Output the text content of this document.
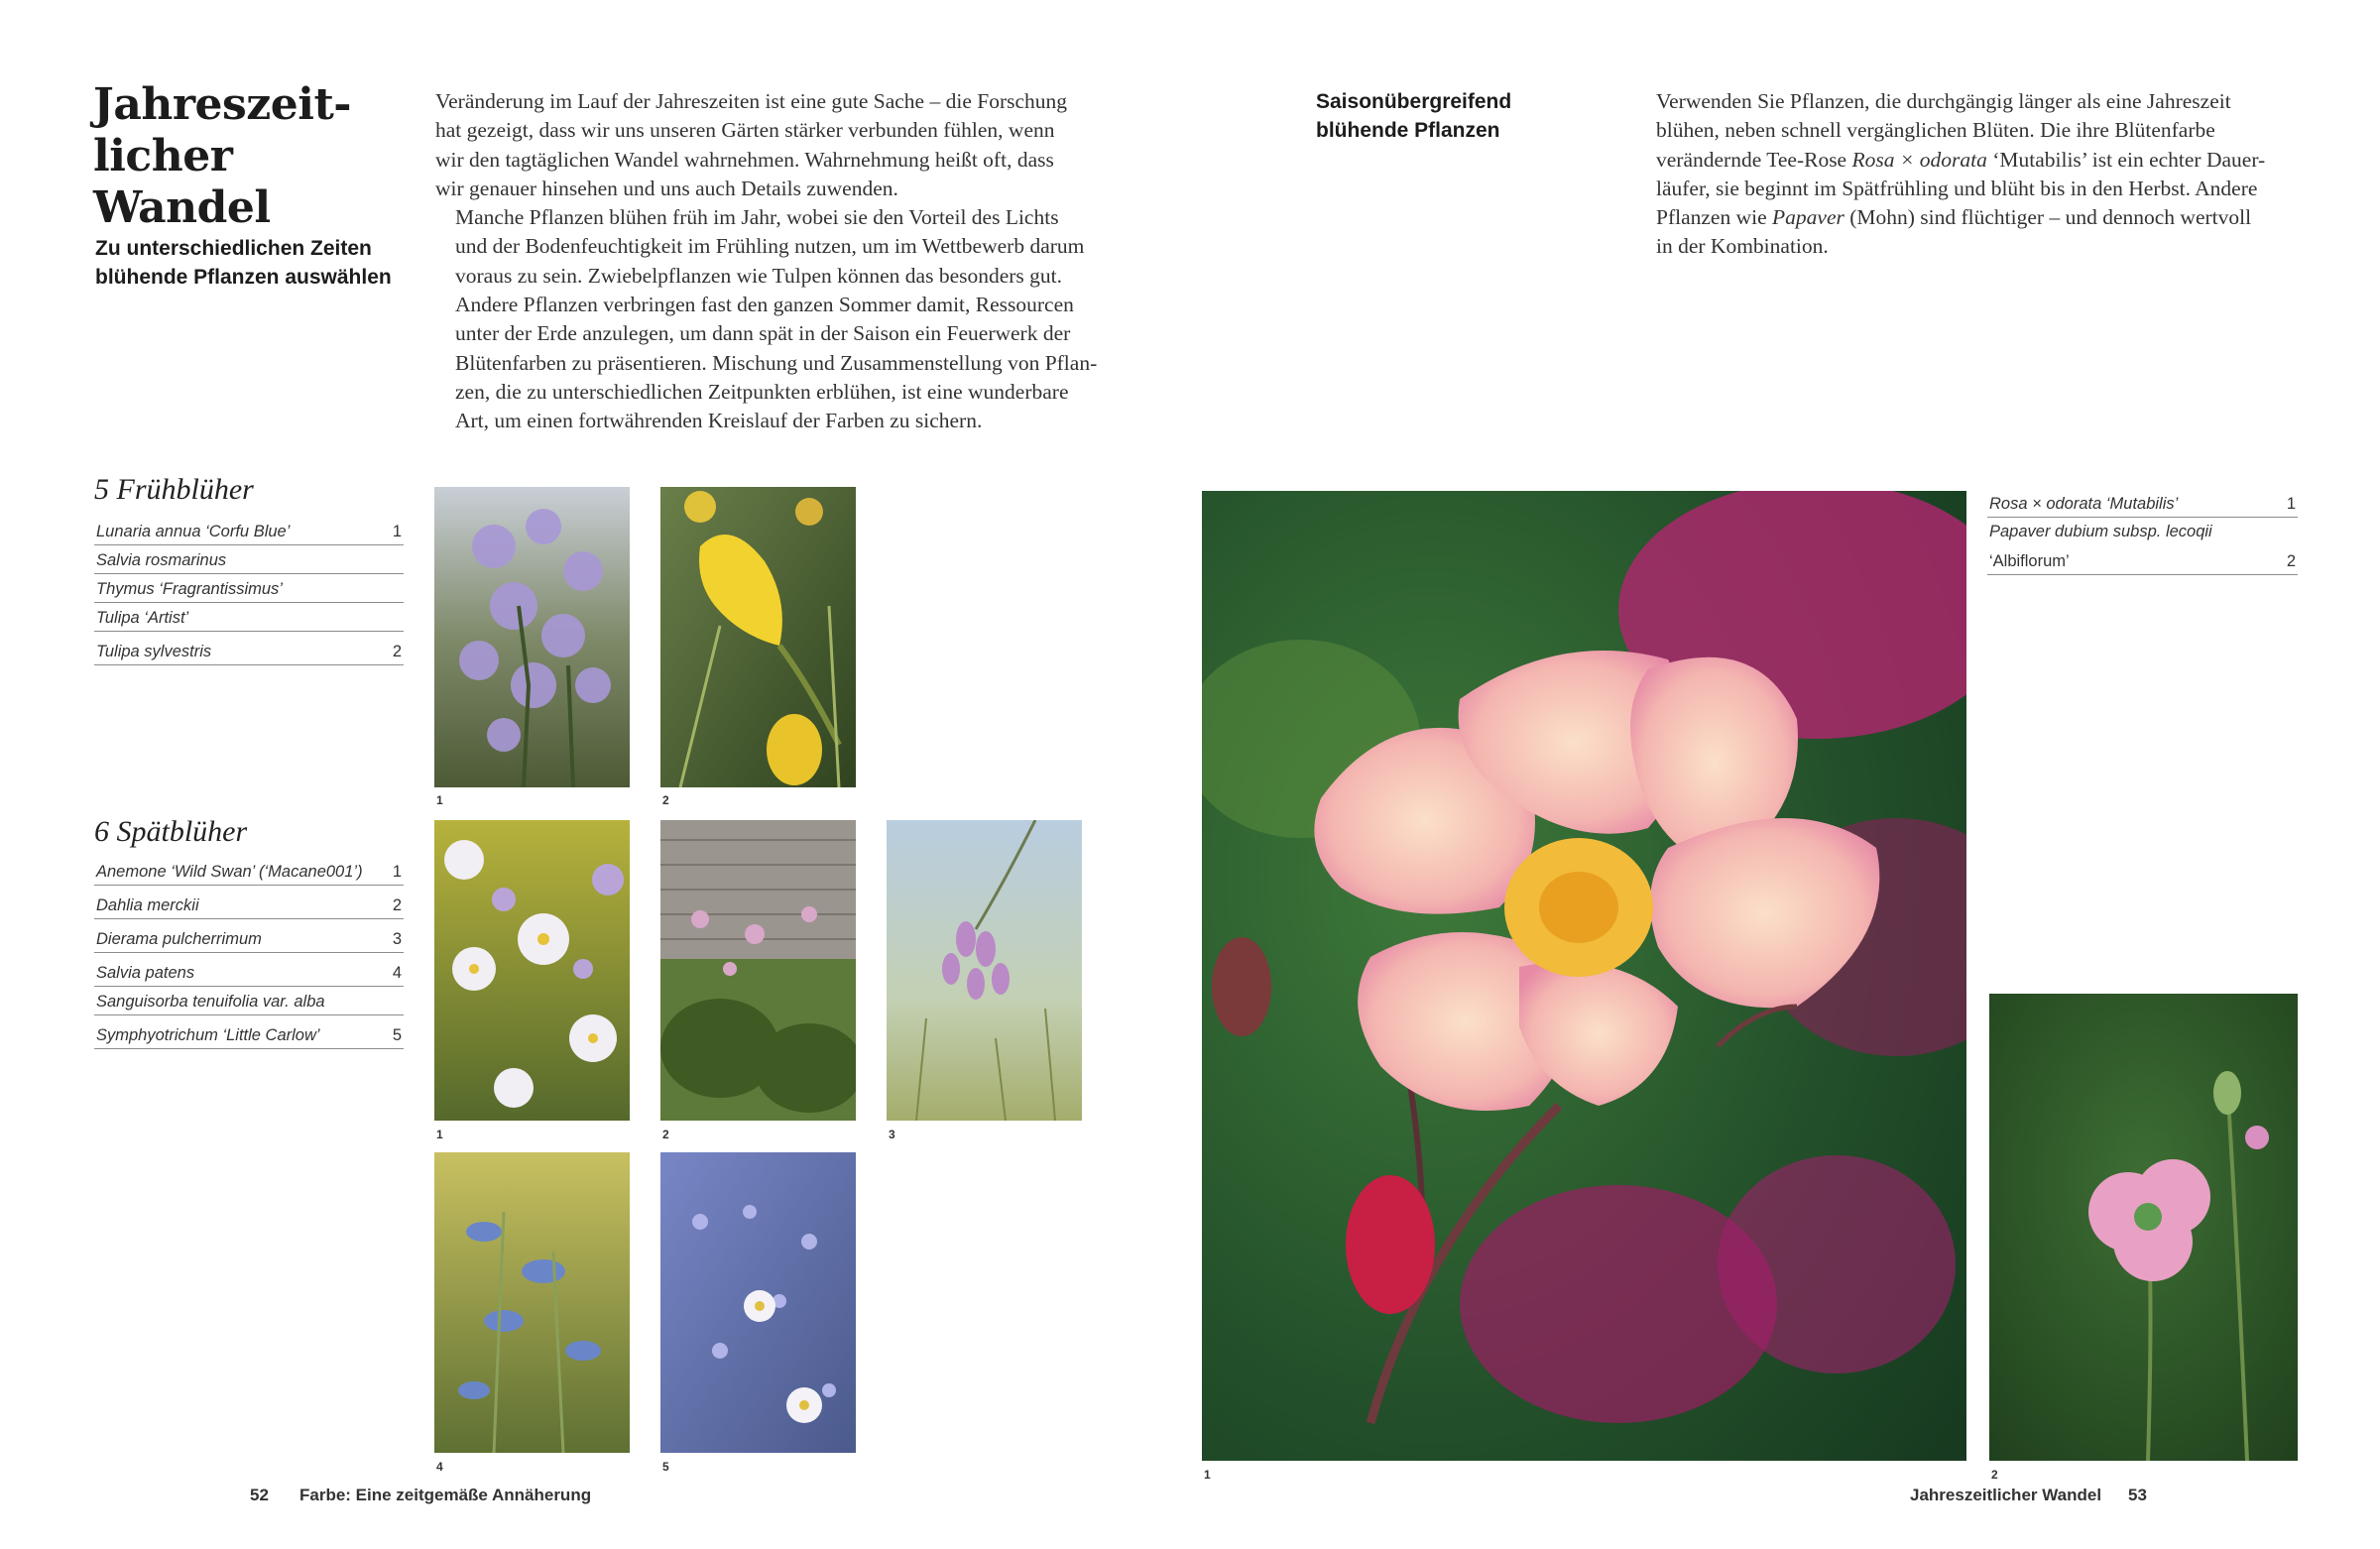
Jahreszeit-
licher Wandel
Zu unterschiedlichen Zeiten
blühende Pflanzen auswählen

Veränderung im Lauf der Jahreszeiten ist eine gute Sache – die Forschung
hat gezeigt, dass wir uns unseren Gärten stärker verbunden fühlen, wenn
wir den tagtäglichen Wandel wahrnehmen. Wahrnehmung heißt oft, dass
wir genauer hinsehen und uns auch Details zuwenden.

Manche Pflanzen blühen früh im Jahr, wobei sie den Vorteil des Lichts
und der Bodenfeuchtigkeit im Frühling nutzen, um im Wettbewerb darum
voraus zu sein. Zwiebelpflanzen wie Tulpen können das besonders gut.
Andere Pflanzen verbringen fast den ganzen Sommer damit, Ressourcen
unter der Erde anzulegen, um dann spät in der Saison ein Feuerwerk der
Blütenfarben zu präsentieren. Mischung und Zusammenstellung von Pflan-
zen, die zu unterschiedlichen Zeitpunkten erblühen, ist eine wunderbare
Art, um einen fortwährenden Kreislauf der Farben zu sichern.

5 Frühblüher
Lunaria annua ‘Corfu Blue’	1
Salvia rosmarinus
Thymus ‘Fragrantissimus’
Tulipa ‘Artist’
Tulipa sylvestris	2
6 Spätblüher
Anemone ‘Wild Swan’ (‘Macane001’) 1
Dahlia merckii	2
Dierama pulcherrimum	3
Salvia patens	4
Sanguisorba tenuifolia var. alba
Symphyotrichum ‘Little Carlow’	5
1	2
1	2	3
4	5
52 Farbe: Eine zeitgemäße Annäherung
Saisonübergreifend
blühende Pflanzen
Verwenden Sie Pflanzen, die durchgängig länger als eine Jahreszeit
blühen, neben schnell vergänglichen Blüten. Die ihre Blütenfarbe
verändernde Tee-Rose Rosa × odorata ‘Mutabilis’ ist ein echter Dauer-
läufer, sie beginnt im Spätfrühling und blüht bis in den Herbst. Andere
Pflanzen wie Papaver (Mohn) sind flüchtiger – und dennoch wertvoll
in der Kombination.
1
Rosa × odorata ‘Mutabilis’	1
Papaver dubium subsp. lecoqii
‘Albiflorum’	2
2
Jahreszeitlicher Wandel 53
